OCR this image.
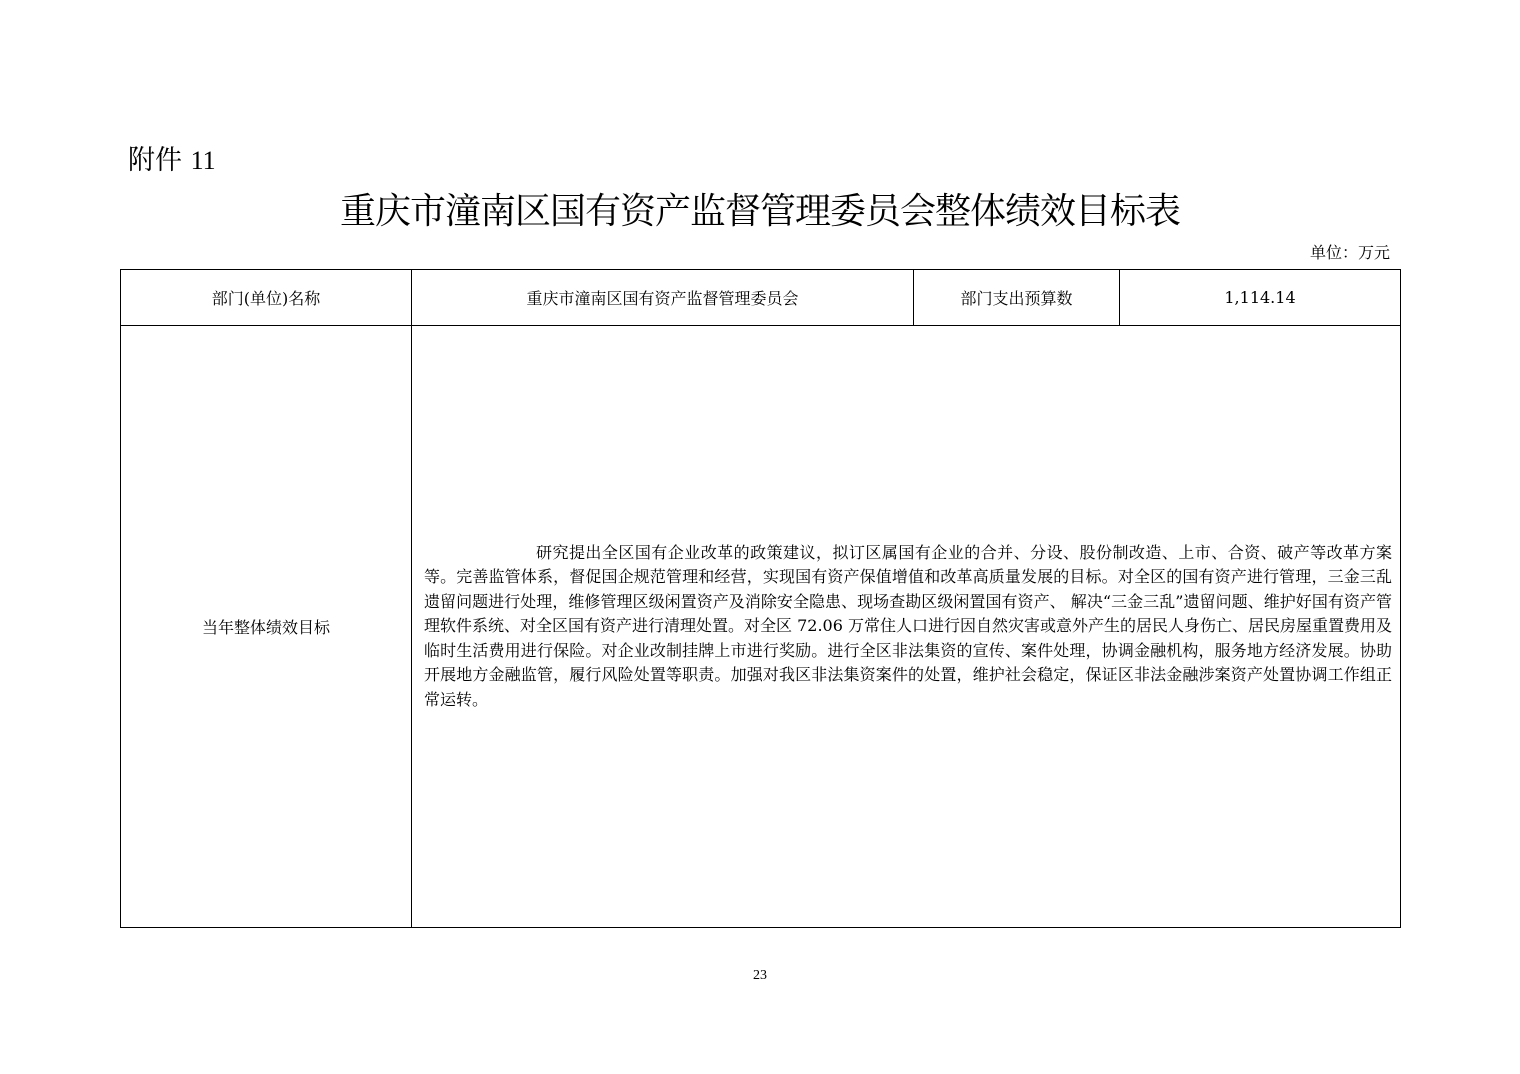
附件 11
重庆市潼南区国有资产监督管理委员会整体绩效目标表
单位：万元
部门(单位)名称	重庆市潼南区国有资产监督管理委员会	部门支出预算数	1,114.14
当年整体绩效目标	研究提出全区国有企业改革的政策建议，拟订区属国有企业的合并、分设、股份制改造、上市、合资、破产等改革方案等。完善监管体系，督促国企规范管理和经营，实现国有资产保值增值和改革高质量发展的目标。对全区的国有资产进行管理，三金三乱遗留问题进行处理，维修管理区级闲置资产及消除安全隐患、现场查勘区级闲置国有资产、 解决“三金三乱”遗留问题、维护好国有资产管理软件系统、对全区国有资产进行清理处置。对全区 72.06 万常住人口进行因自然灾害或意外产生的居民人身伤亡、居民房屋重置费用及临时生活费用进行保险。对企业改制挂牌上市进行奖励。进行全区非法集资的宣传、案件处理，协调金融机构，服务地方经济发展。协助开展地方金融监管，履行风险处置等职责。加强对我区非法集资案件的处置，维护社会稳定，保证区非法金融涉案资产处置协调工作组正常运转。		
23
